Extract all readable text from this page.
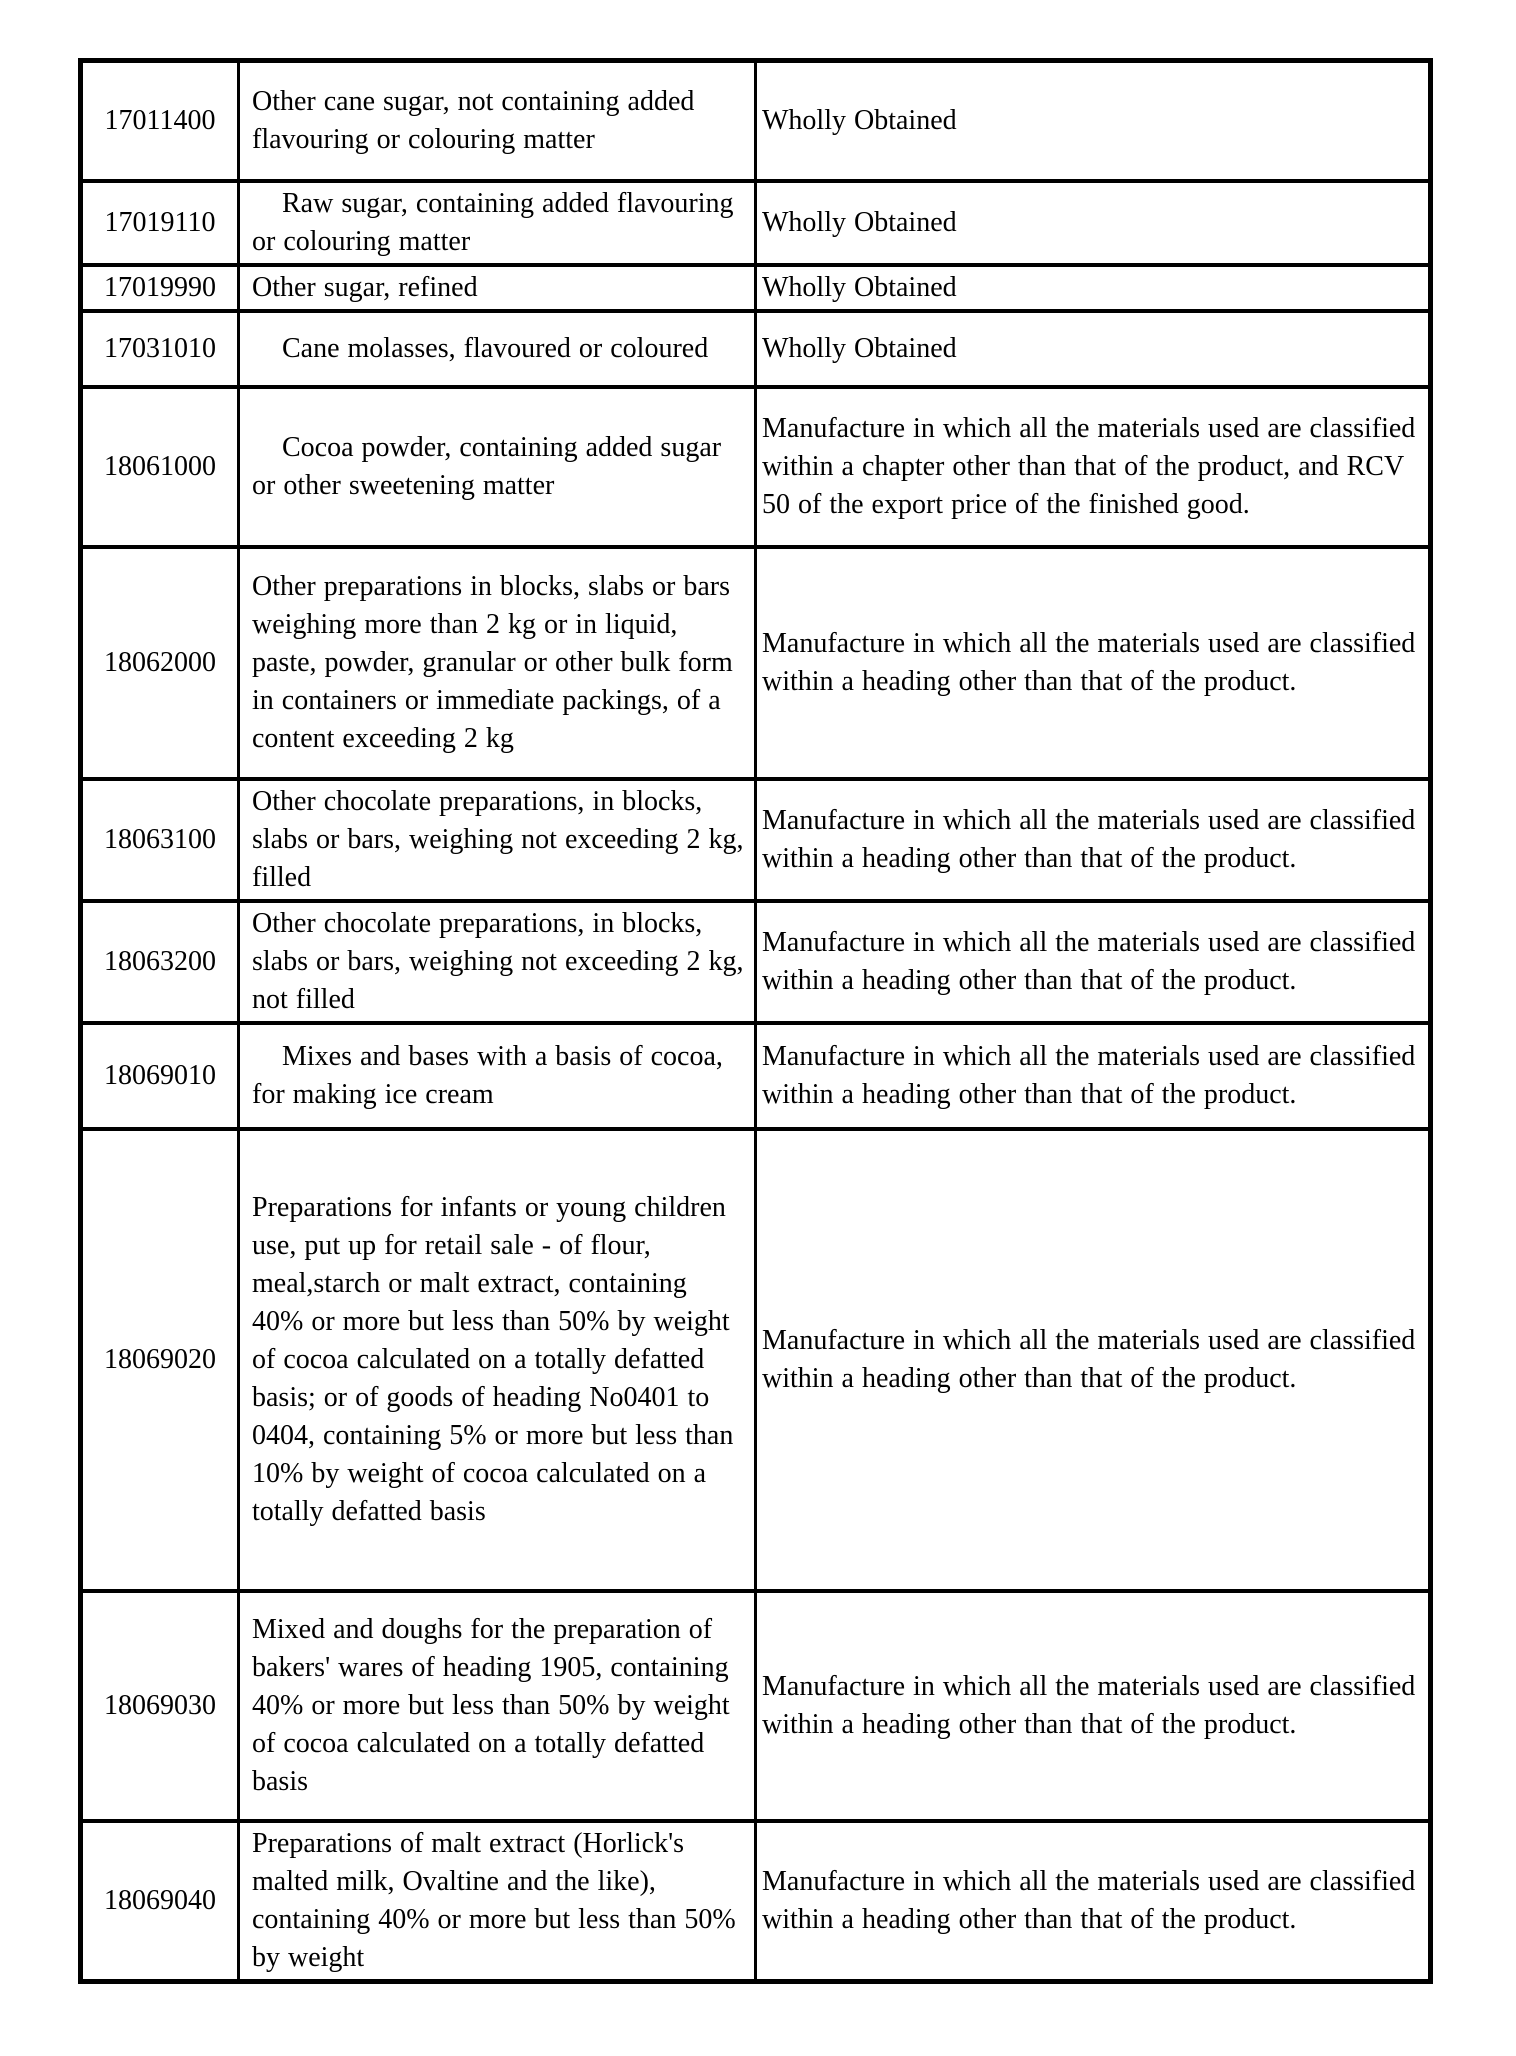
17011400	Other cane sugar, not containing added flavouring or colouring matter	Wholly Obtained
17019110	Raw sugar, containing added flavouring or colouring matter	Wholly Obtained
17019990	Other sugar, refined	Wholly Obtained
17031010	Cane molasses, flavoured or coloured	Wholly Obtained
18061000	Cocoa powder, containing added sugar or other sweetening matter	Manufacture in which all the materials used are classified within a chapter other than that of the product, and RCV 50 of the export price of the finished good.
18062000	Other preparations in blocks, slabs or bars weighing more than 2 kg or in liquid, paste, powder, granular or other bulk form in containers or immediate packings, of a content exceeding 2 kg	Manufacture in which all the materials used are classified within a heading other than that of the product.
18063100	Other chocolate preparations, in blocks, slabs or bars, weighing not exceeding 2 kg, filled	Manufacture in which all the materials used are classified within a heading other than that of the product.
18063200	Other chocolate preparations, in blocks, slabs or bars, weighing not exceeding 2 kg, not filled	Manufacture in which all the materials used are classified within a heading other than that of the product.
18069010	Mixes and bases with a basis of cocoa, for making ice cream	Manufacture in which all the materials used are classified within a heading other than that of the product.
18069020	Preparations for infants or young children use, put up for retail sale - of flour, meal,starch or malt extract, containing 40% or more but less than 50% by weight of cocoa calculated on a totally defatted basis; or of goods of heading No0401 to 0404, containing 5% or more but less than 10% by weight of cocoa calculated on a totally defatted basis	Manufacture in which all the materials used are classified within a heading other than that of the product.
18069030	Mixed and doughs for the preparation of bakers' wares of heading 1905, containing 40% or more but less than 50% by weight of cocoa calculated on a totally defatted basis	Manufacture in which all the materials used are classified within a heading other than that of the product.
18069040	Preparations of malt extract (Horlick's malted milk, Ovaltine and the like), containing 40% or more but less than 50% by weight	Manufacture in which all the materials used are classified within a heading other than that of the product.
